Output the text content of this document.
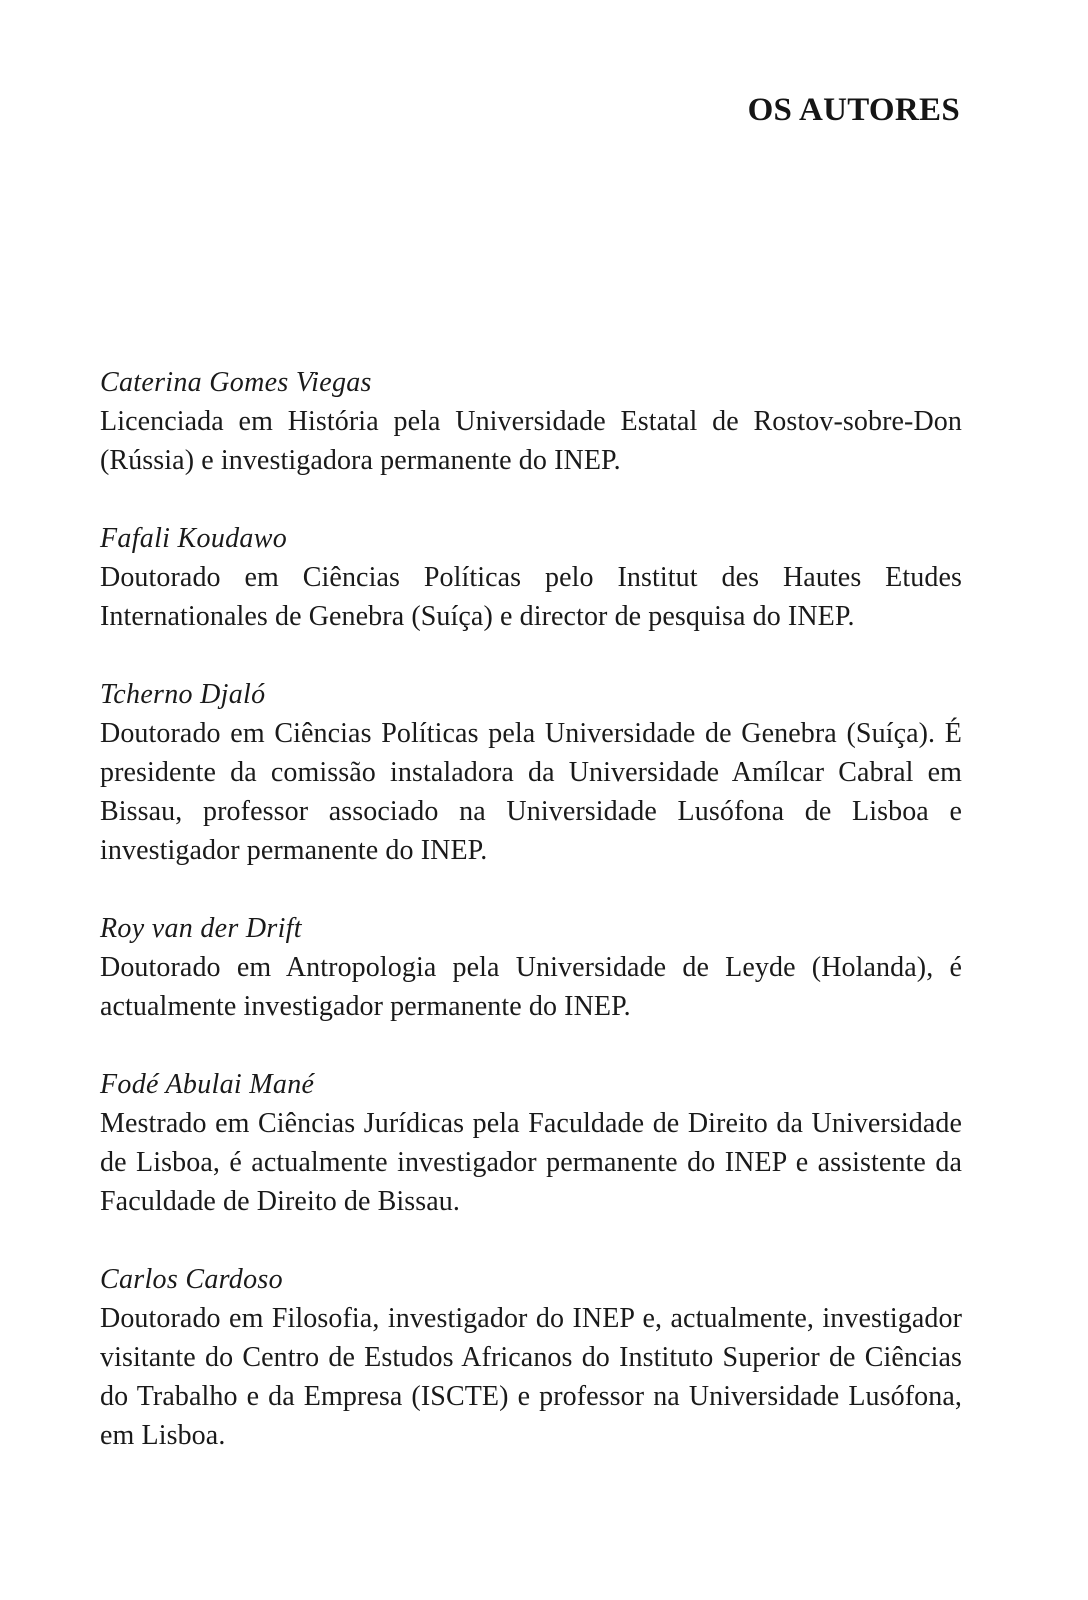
OS AUTORES
Caterina Gomes Viegas
Licenciada em História pela Universidade Estatal de Rostov-sobre-Don (Rússia) e investigadora permanente do INEP.
Fafali Koudawo
Doutorado em Ciências Políticas pelo Institut des Hautes Etudes Internationales de Genebra (Suíça) e director de pesquisa do INEP.
Tcherno Djaló
Doutorado em Ciências Políticas pela Universidade de Genebra (Suíça). É presidente da comissão instaladora da Universidade Amílcar Cabral em Bissau, professor associado na Universidade Lusófona de Lisboa e investigador permanente do INEP.
Roy van der Drift
Doutorado em Antropologia pela Universidade de Leyde (Holanda), é actualmente investigador permanente do INEP.
Fodé Abulai Mané
Mestrado em Ciências Jurídicas pela Faculdade de Direito da Universidade de Lisboa, é actualmente investigador permanente do INEP e assistente da Faculdade de Direito de Bissau.
Carlos Cardoso
Doutorado em Filosofia, investigador do INEP e, actualmente, investigador visitante do Centro de Estudos Africanos do Instituto Superior de Ciências do Trabalho e da Empresa (ISCTE) e professor na Universidade Lusófona, em Lisboa.
